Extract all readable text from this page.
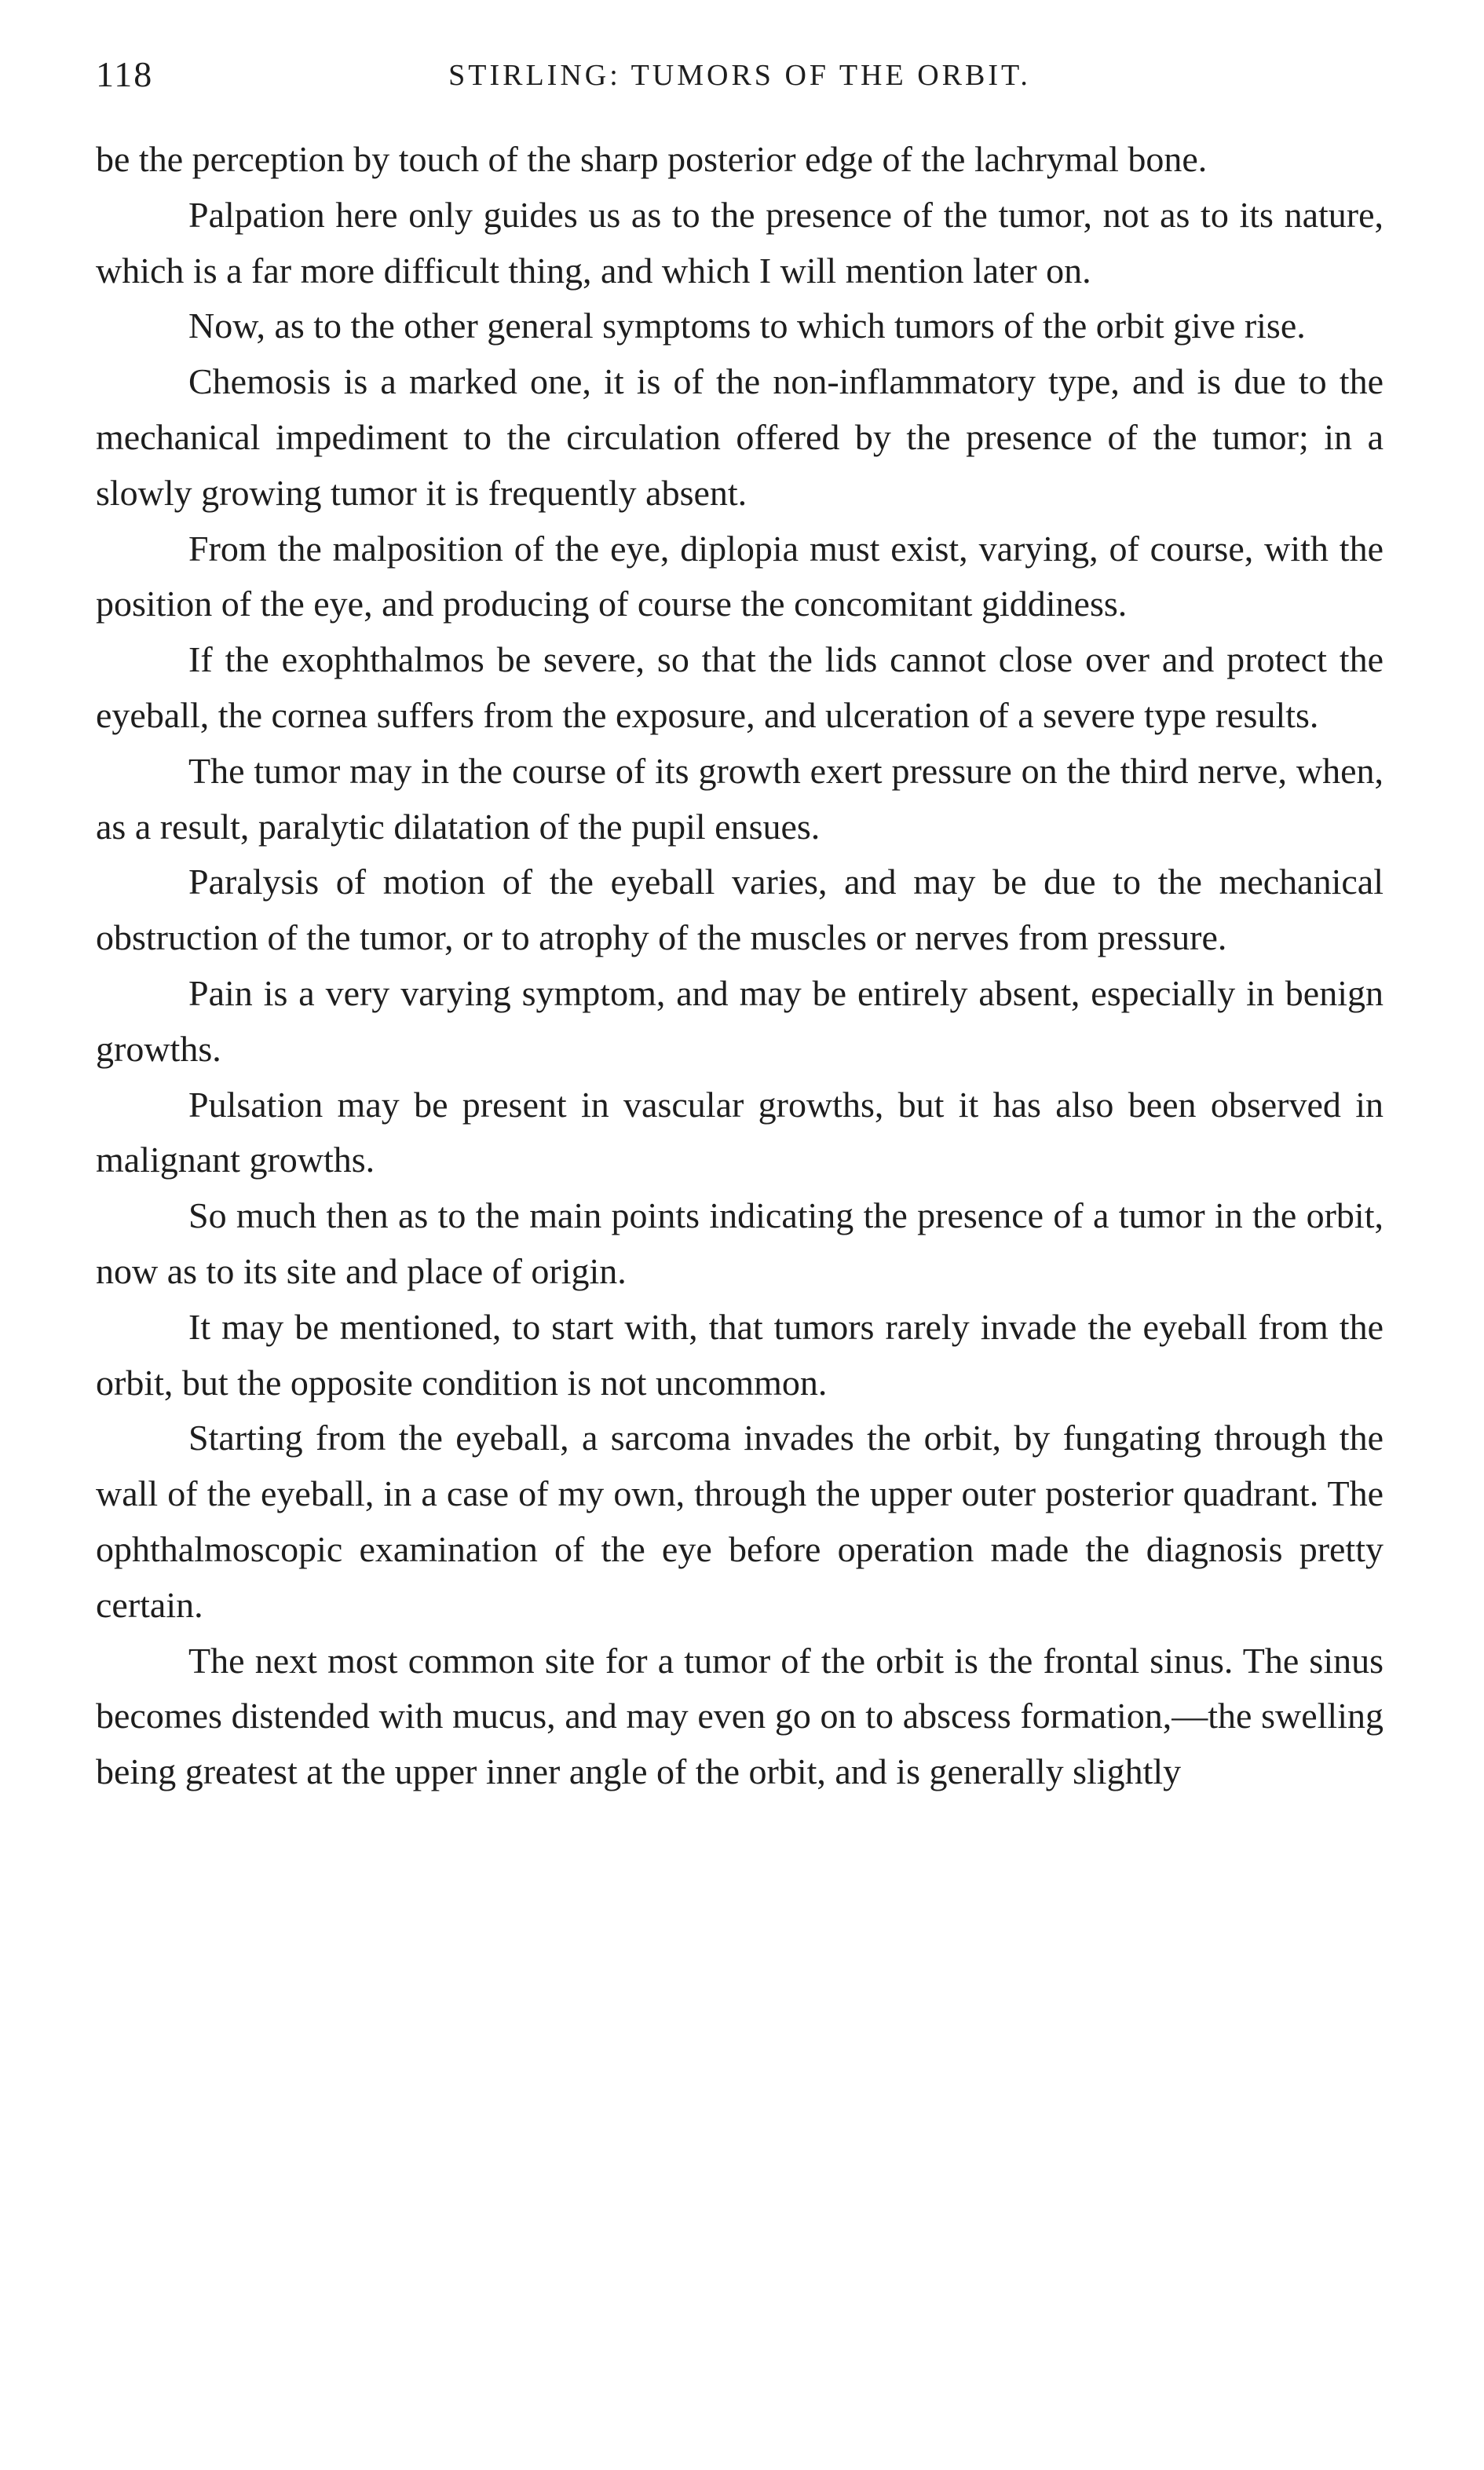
118	STIRLING: TUMORS OF THE ORBIT.

be the perception by touch of the sharp posterior edge of the lachrymal bone.

Palpation here only guides us as to the presence of the tumor, not as to its nature, which is a far more difficult thing, and which I will mention later on.

Now, as to the other general symptoms to which tumors of the orbit give rise.

Chemosis is a marked one, it is of the non-inflammatory type, and is due to the mechanical impediment to the circulation offered by the presence of the tumor; in a slowly growing tumor it is frequently absent.

From the malposition of the eye, diplopia must exist, varying, of course, with the position of the eye, and producing of course the concomitant giddiness.

If the exophthalmos be severe, so that the lids cannot close over and protect the eyeball, the cornea suffers from the exposure, and ulceration of a severe type results.

The tumor may in the course of its growth exert pressure on the third nerve, when, as a result, paralytic dilatation of the pupil ensues.

Paralysis of motion of the eyeball varies, and may be due to the mechanical obstruction of the tumor, or to atrophy of the muscles or nerves from pressure.

Pain is a very varying symptom, and may be entirely absent, especially in benign growths.

Pulsation may be present in vascular growths, but it has also been observed in malignant growths.

So much then as to the main points indicating the presence of a tumor in the orbit, now as to its site and place of origin.

It may be mentioned, to start with, that tumors rarely invade the eyeball from the orbit, but the opposite condition is not uncommon.

Starting from the eyeball, a sarcoma invades the orbit, by fungating through the wall of the eyeball, in a case of my own, through the upper outer posterior quadrant. The ophthalmoscopic examination of the eye before operation made the diagnosis pretty certain.

The next most common site for a tumor of the orbit is the frontal sinus. The sinus becomes distended with mucus, and may even go on to abscess formation,—the swelling being greatest at the upper inner angle of the orbit, and is generally slightly
